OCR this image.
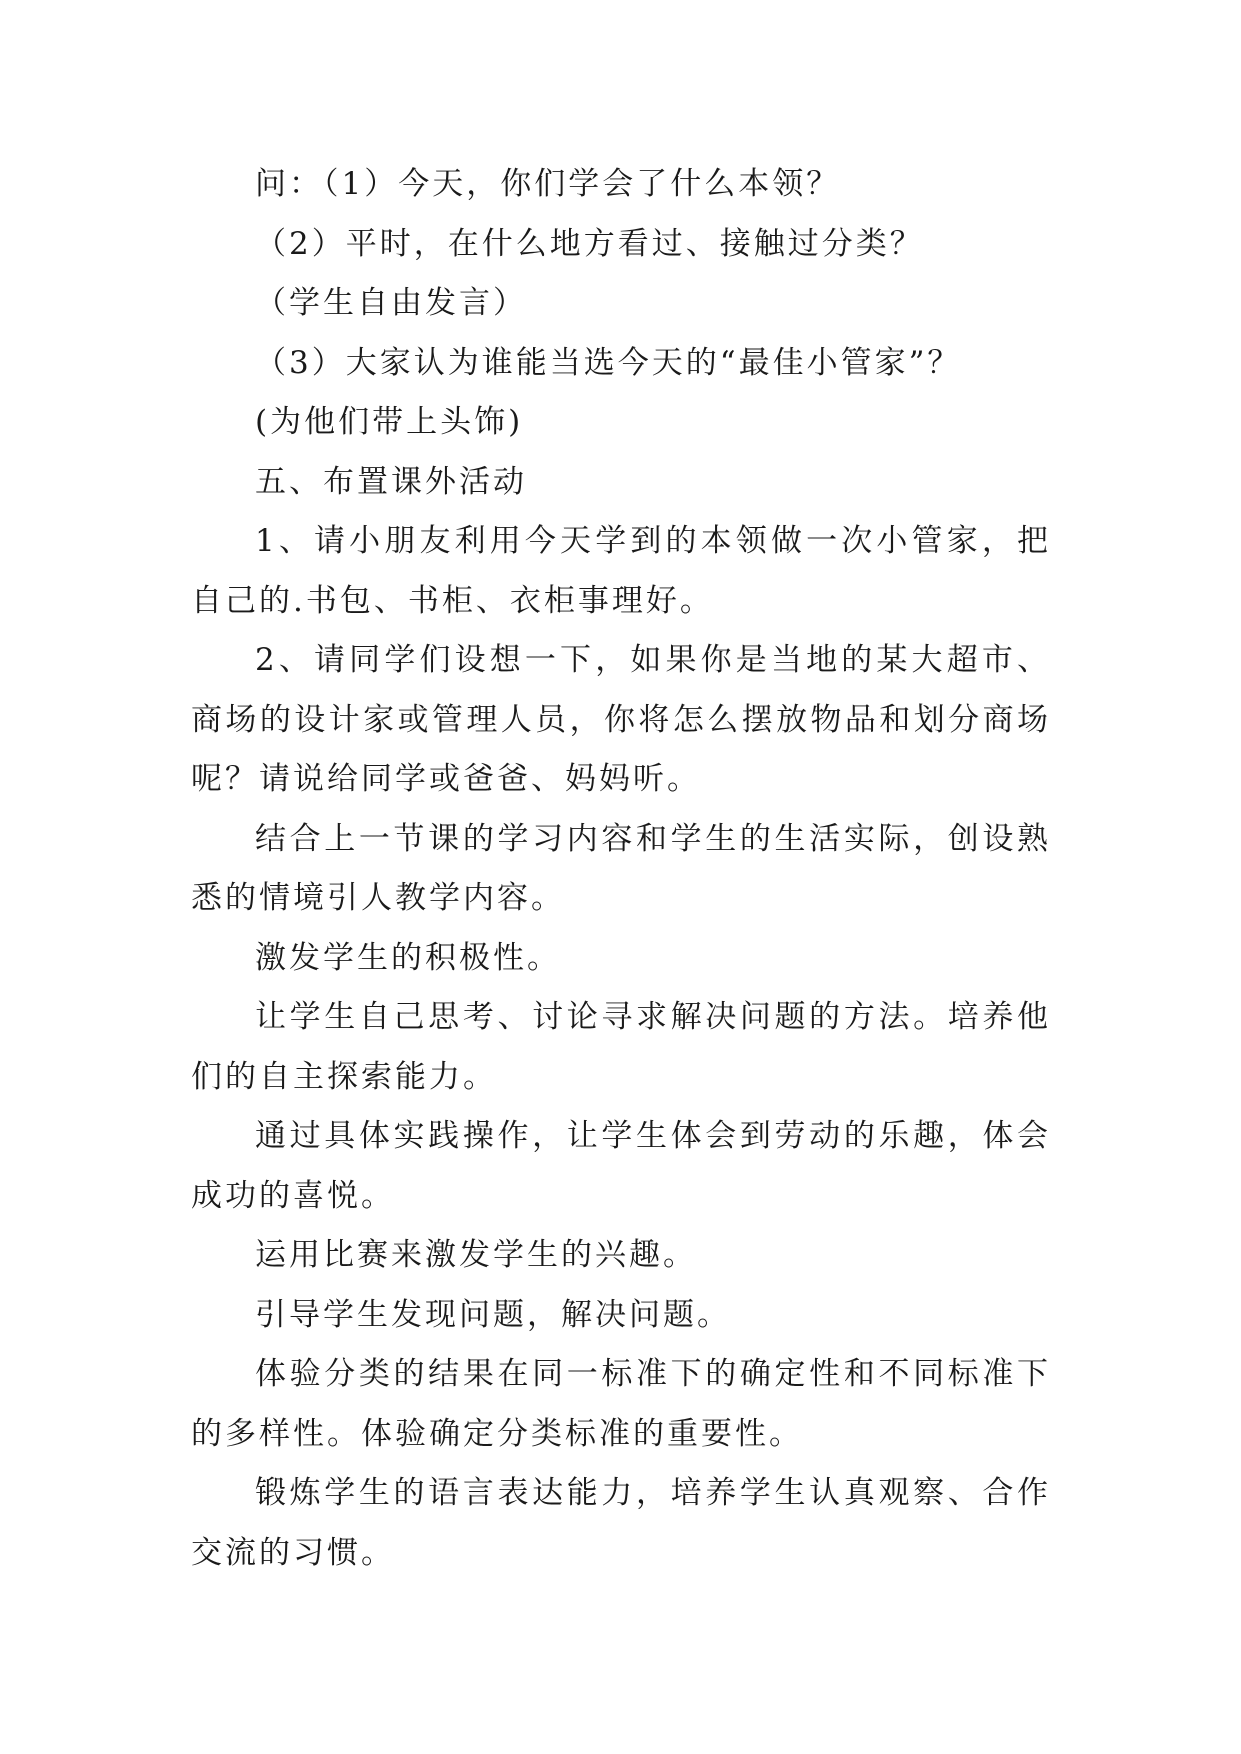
问：（1）今天，你们学会了什么本领？

（2）平时，在什么地方看过、接触过分类？

（学生自由发言）

（3）大家认为谁能当选今天的“最佳小管家”？

(为他们带上头饰)

五、布置课外活动

1、请小朋友利用今天学到的本领做一次小管家，把自己的.书包、书柜、衣柜事理好。

2、请同学们设想一下，如果你是当地的某大超市、商场的设计家或管理人员，你将怎么摆放物品和划分商场呢？请说给同学或爸爸、妈妈听。

结合上一节课的学习内容和学生的生活实际，创设熟悉的情境引人教学内容。

激发学生的积极性。

让学生自己思考、讨论寻求解决问题的方法。培养他们的自主探索能力。

通过具体实践操作，让学生体会到劳动的乐趣，体会成功的喜悦。

运用比赛来激发学生的兴趣。

引导学生发现问题，解决问题。

体验分类的结果在同一标准下的确定性和不同标准下的多样性。体验确定分类标准的重要性。

锻炼学生的语言表达能力，培养学生认真观察、合作交流的习惯。
